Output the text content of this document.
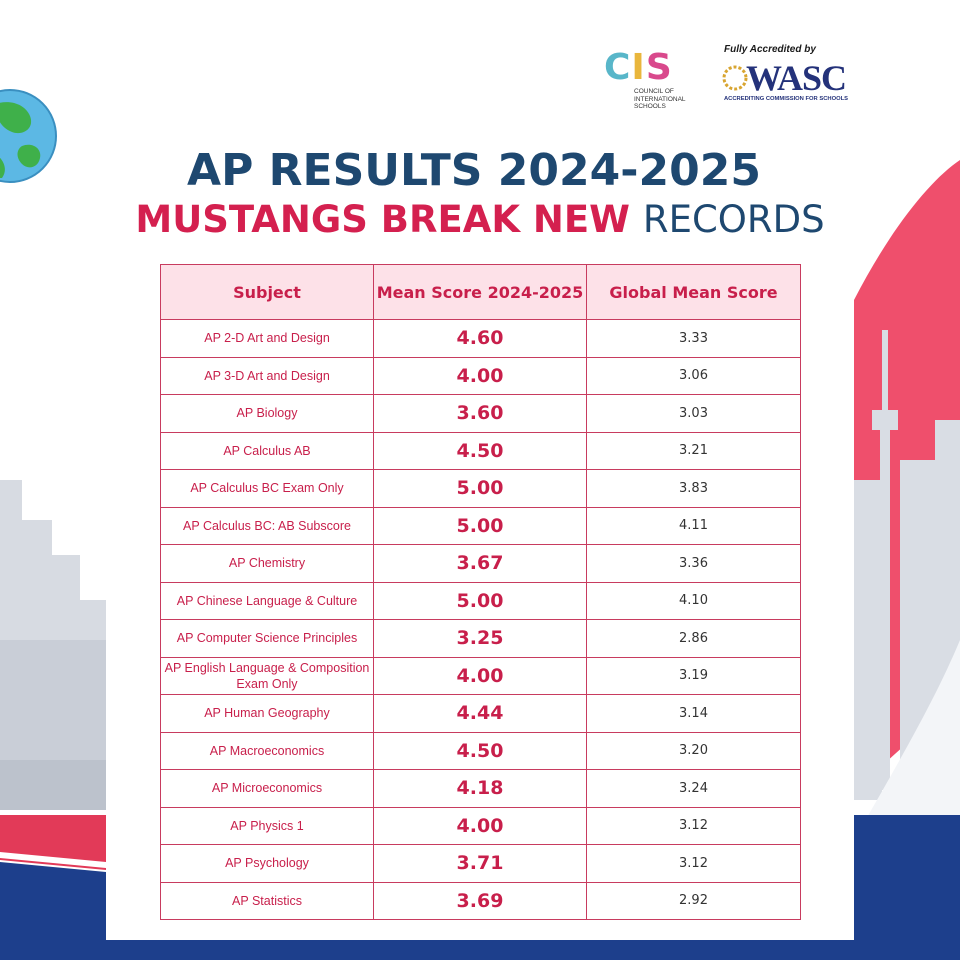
CIS
COUNCIL OF
INTERNATIONAL
SCHOOLS
Fully Accredited by
WASC
ACCREDITING COMMISSION FOR SCHOOLS
AP RESULTS 2024-2025
MUSTANGS BREAK NEW RECORDS
Subject	Mean Score 2024-2025	Global Mean Score
AP 2-D Art and Design	4.60	3.33
AP 3-D Art and Design	4.00	3.06
AP Biology	3.60	3.03
AP Calculus AB	4.50	3.21
AP Calculus BC Exam Only	5.00	3.83
AP Calculus BC: AB Subscore	5.00	4.11
AP Chemistry	3.67	3.36
AP Chinese Language & Culture	5.00	4.10
AP Computer Science Principles	3.25	2.86
AP English Language & Composition Exam Only	4.00	3.19
AP Human Geography	4.44	3.14
AP Macroeconomics	4.50	3.20
AP Microeconomics	4.18	3.24
AP Physics 1	4.00	3.12
AP Psychology	3.71	3.12
AP Statistics	3.69	2.92
